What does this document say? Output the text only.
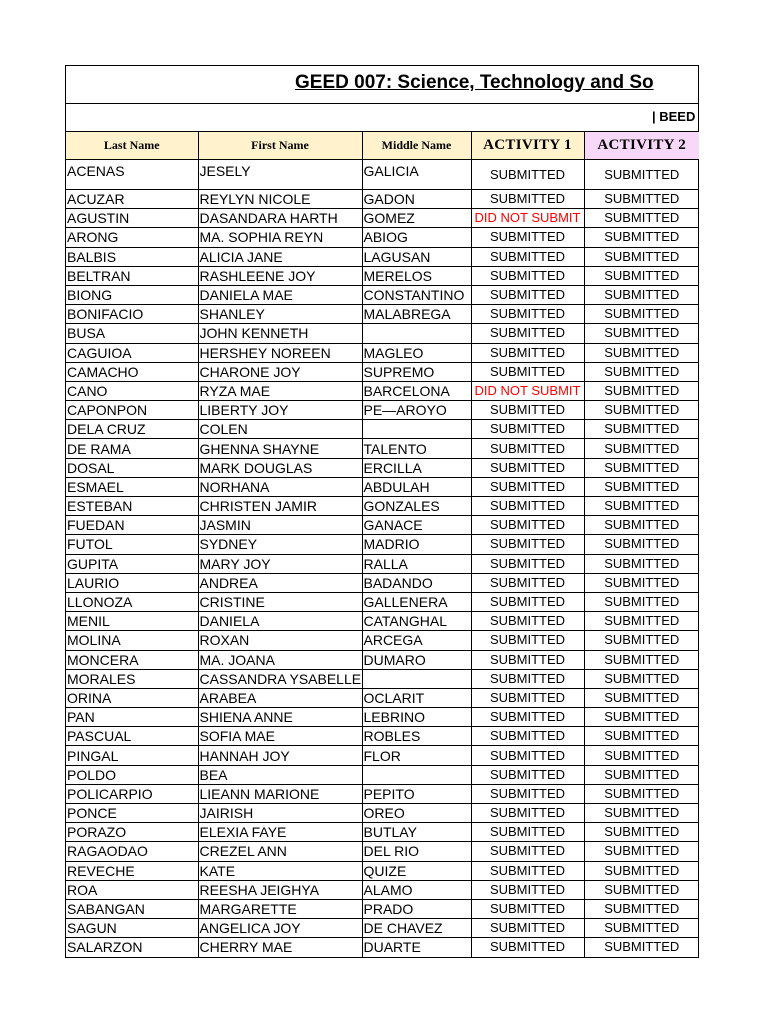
GEED 007: Science, Technology and So
| BEED
Last Name	First Name	Middle Name	ACTIVITY 1	ACTIVITY 2
ACENAS	JESELY	GALICIA	SUBMITTED	SUBMITTED
ACUZAR	REYLYN NICOLE	GADON	SUBMITTED	SUBMITTED
AGUSTIN	DASANDARA HARTH	GOMEZ	DID NOT SUBMIT	SUBMITTED
ARONG	MA. SOPHIA REYN	ABIOG	SUBMITTED	SUBMITTED
BALBIS	ALICIA JANE	LAGUSAN	SUBMITTED	SUBMITTED
BELTRAN	RASHLEENE JOY	MERELOS	SUBMITTED	SUBMITTED
BIONG	DANIELA MAE	CONSTANTINO	SUBMITTED	SUBMITTED
BONIFACIO	SHANLEY	MALABREGA	SUBMITTED	SUBMITTED
BUSA	JOHN KENNETH		SUBMITTED	SUBMITTED
CAGUIOA	HERSHEY NOREEN	MAGLEO	SUBMITTED	SUBMITTED
CAMACHO	CHARONE JOY	SUPREMO	SUBMITTED	SUBMITTED
CANO	RYZA MAE	BARCELONA	DID NOT SUBMIT	SUBMITTED
CAPONPON	LIBERTY JOY	PE—AROYO	SUBMITTED	SUBMITTED
DELA CRUZ	COLEN		SUBMITTED	SUBMITTED
DE RAMA	GHENNA SHAYNE	TALENTO	SUBMITTED	SUBMITTED
DOSAL	MARK DOUGLAS	ERCILLA	SUBMITTED	SUBMITTED
ESMAEL	NORHANA	ABDULAH	SUBMITTED	SUBMITTED
ESTEBAN	CHRISTEN JAMIR	GONZALES	SUBMITTED	SUBMITTED
FUEDAN	JASMIN	GANACE	SUBMITTED	SUBMITTED
FUTOL	SYDNEY	MADRIO	SUBMITTED	SUBMITTED
GUPITA	MARY JOY	RALLA	SUBMITTED	SUBMITTED
LAURIO	ANDREA	BADANDO	SUBMITTED	SUBMITTED
LLONOZA	CRISTINE	GALLENERA	SUBMITTED	SUBMITTED
MENIL	DANIELA	CATANGHAL	SUBMITTED	SUBMITTED
MOLINA	ROXAN	ARCEGA	SUBMITTED	SUBMITTED
MONCERA	MA. JOANA	DUMARO	SUBMITTED	SUBMITTED
MORALES	CASSANDRA YSABELLE		SUBMITTED	SUBMITTED
ORINA	ARABEA	OCLARIT	SUBMITTED	SUBMITTED
PAN	SHIENA ANNE	LEBRINO	SUBMITTED	SUBMITTED
PASCUAL	SOFIA MAE	ROBLES	SUBMITTED	SUBMITTED
PINGAL	HANNAH JOY	FLOR	SUBMITTED	SUBMITTED
POLDO	BEA		SUBMITTED	SUBMITTED
POLICARPIO	LIEANN MARIONE	PEPITO	SUBMITTED	SUBMITTED
PONCE	JAIRISH	OREO	SUBMITTED	SUBMITTED
PORAZO	ELEXIA FAYE	BUTLAY	SUBMITTED	SUBMITTED
RAGAODAO	CREZEL ANN	DEL RIO	SUBMITTED	SUBMITTED
REVECHE	KATE	QUIZE	SUBMITTED	SUBMITTED
ROA	REESHA JEIGHYA	ALAMO	SUBMITTED	SUBMITTED
SABANGAN	MARGARETTE	PRADO	SUBMITTED	SUBMITTED
SAGUN	ANGELICA JOY	DE CHAVEZ	SUBMITTED	SUBMITTED
SALARZON	CHERRY MAE	DUARTE	SUBMITTED	SUBMITTED
